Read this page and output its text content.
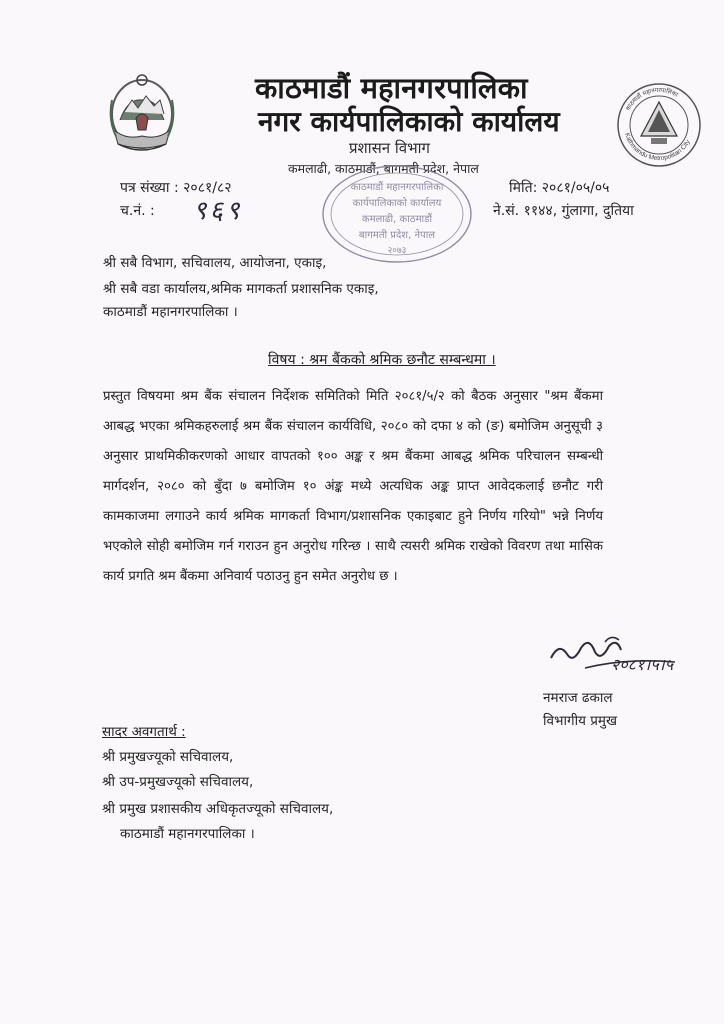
Kathmandu Metropolitan City
काठमाडौं महानगरपालिका
काठमाडौं महानगरपालिका
नगर कार्यपालिकाको कार्यालय
प्रशासन विभाग
कमलाढी, काठमाडौं, बागमती प्रदेश, नेपाल
काठमाडौं महानगरपालिका
कार्यपालिकाको कार्यालय
कमलाढी, काठमाडौं
बागमती प्रदेश, नेपाल
२०७३
पत्र संख्या : २०८१/८२
च.नं. : ९६९
मिति: २०८१/०५/०५
ने.सं. ११४४, गुंलागा, दुतिया
श्री सबै विभाग, सचिवालय, आयोजना, एकाइ,
श्री सबै वडा कार्यालय,श्रमिक मागकर्ता प्रशासनिक एकाइ,
काठमाडौं महानगरपालिका ।
विषय : श्रम बैंकको श्रमिक छनौट सम्बन्धमा ।
प्रस्तुत विषयमा श्रम बैंक संचालन निर्देशक समितिको मिति २०८१/५/२ को बैठक अनुसार "श्रम बैंकमा आबद्ध भएका श्रमिकहरुलाई श्रम बैंक संचालन कार्यविधि, २०८० को दफा ४ को (ङ) बमोजिम अनुसूची ३ अनुसार प्राथमिकीकरणको आधार वापतको १०० अङ्क र श्रम बैंकमा आबद्ध श्रमिक परिचालन सम्बन्धी मार्गदर्शन, २०८० को बुँदा ७ बमोजिम १० अंङ्क मध्ये अत्यधिक अङ्क प्राप्त आवेदकलाई छनौट गरी कामकाजमा लगाउने कार्य श्रमिक मागकर्ता विभाग/प्रशासनिक एकाइबाट हुने निर्णय गरियो" भन्ने निर्णय भएकोले सोही बमोजिम गर्न गराउन हुन अनुरोध गरिन्छ । साथै त्यसरी श्रमिक राखेको विवरण तथा मासिक कार्य प्रगति श्रम बैंकमा अनिवार्य पठाउनु हुन समेत अनुरोध छ ।
२०८१।५।५
नमराज ढकाल
विभागीय प्रमुख
सादर अवगतार्थ :
श्री प्रमुखज्यूको सचिवालय,
श्री उप-प्रमुखज्यूको सचिवालय,
श्री प्रमुख प्रशासकीय अधिकृतज्यूको सचिवालय,
काठमाडौं महानगरपालिका ।
